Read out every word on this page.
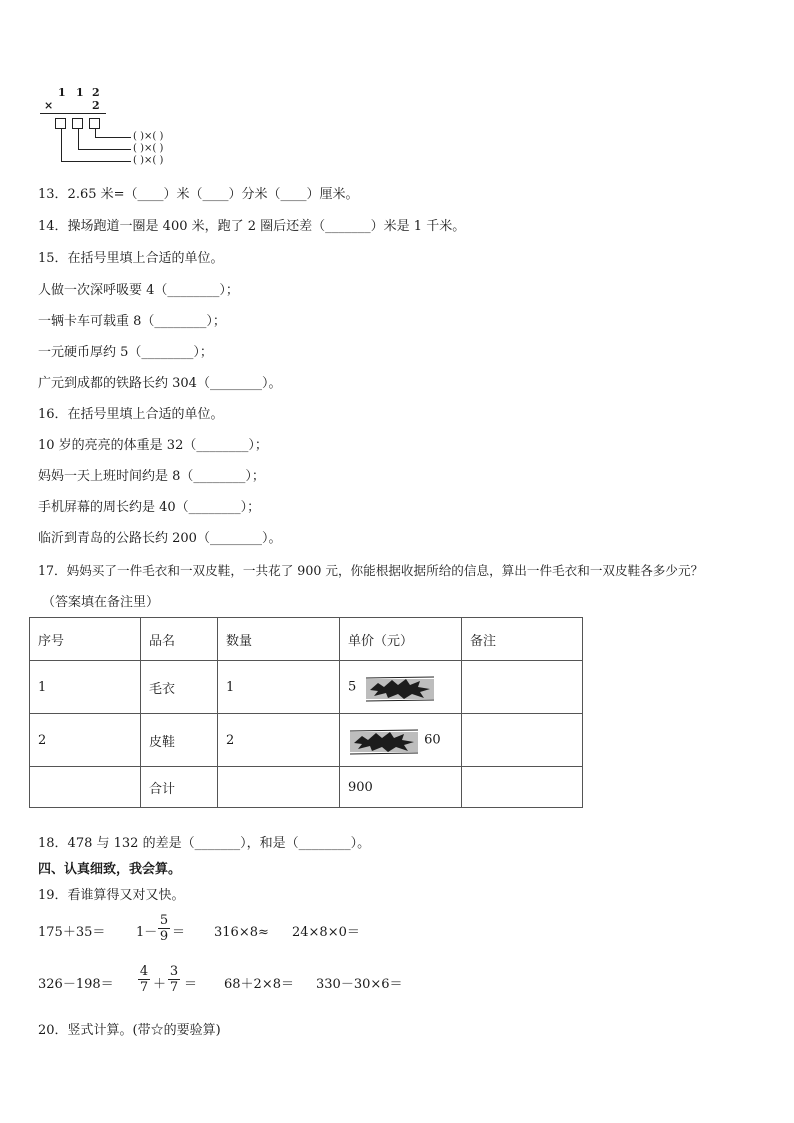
1 1 2
×	2
( )×( )
( )×( )
( )×( )
13．2.65 米=（____）米（____）分米（____）厘米。
14．操场跑道一圈是 400 米，跑了 2 圈后还差（_______）米是 1 千米。
15．在括号里填上合适的单位。
人做一次深呼吸要 4（________）；
一辆卡车可载重 8（________）；
一元硬币厚约 5（________）；
广元到成都的铁路长约 304（________）。
16．在括号里填上合适的单位。
10 岁的亮亮的体重是 32（________）；
妈妈一天上班时间约是 8（________）；
手机屏幕的周长约是 40（________）；
临沂到青岛的公路长约 200（________）。
17．妈妈买了一件毛衣和一双皮鞋，一共花了 900 元，你能根据收据所给的信息，算出一件毛衣和一双皮鞋各多少元？
（答案填在备注里）
序号	品名	数量	单价（元）	备注
1	毛衣	1	5

2	皮鞋	2	60	
	合计		900	
18．478 与 132 的差是（_______），和是（________）。
四、认真细致，我会算。
19．看谁算得又对又快。
175＋35＝ 1－
5
9 ＝ 316×8≈ 24×8×0＝
326－198＝
4
7 ＋
3
7 ＝ 68＋2×8＝ 330－30×6＝
20．竖式计算。(带☆的要验算)
